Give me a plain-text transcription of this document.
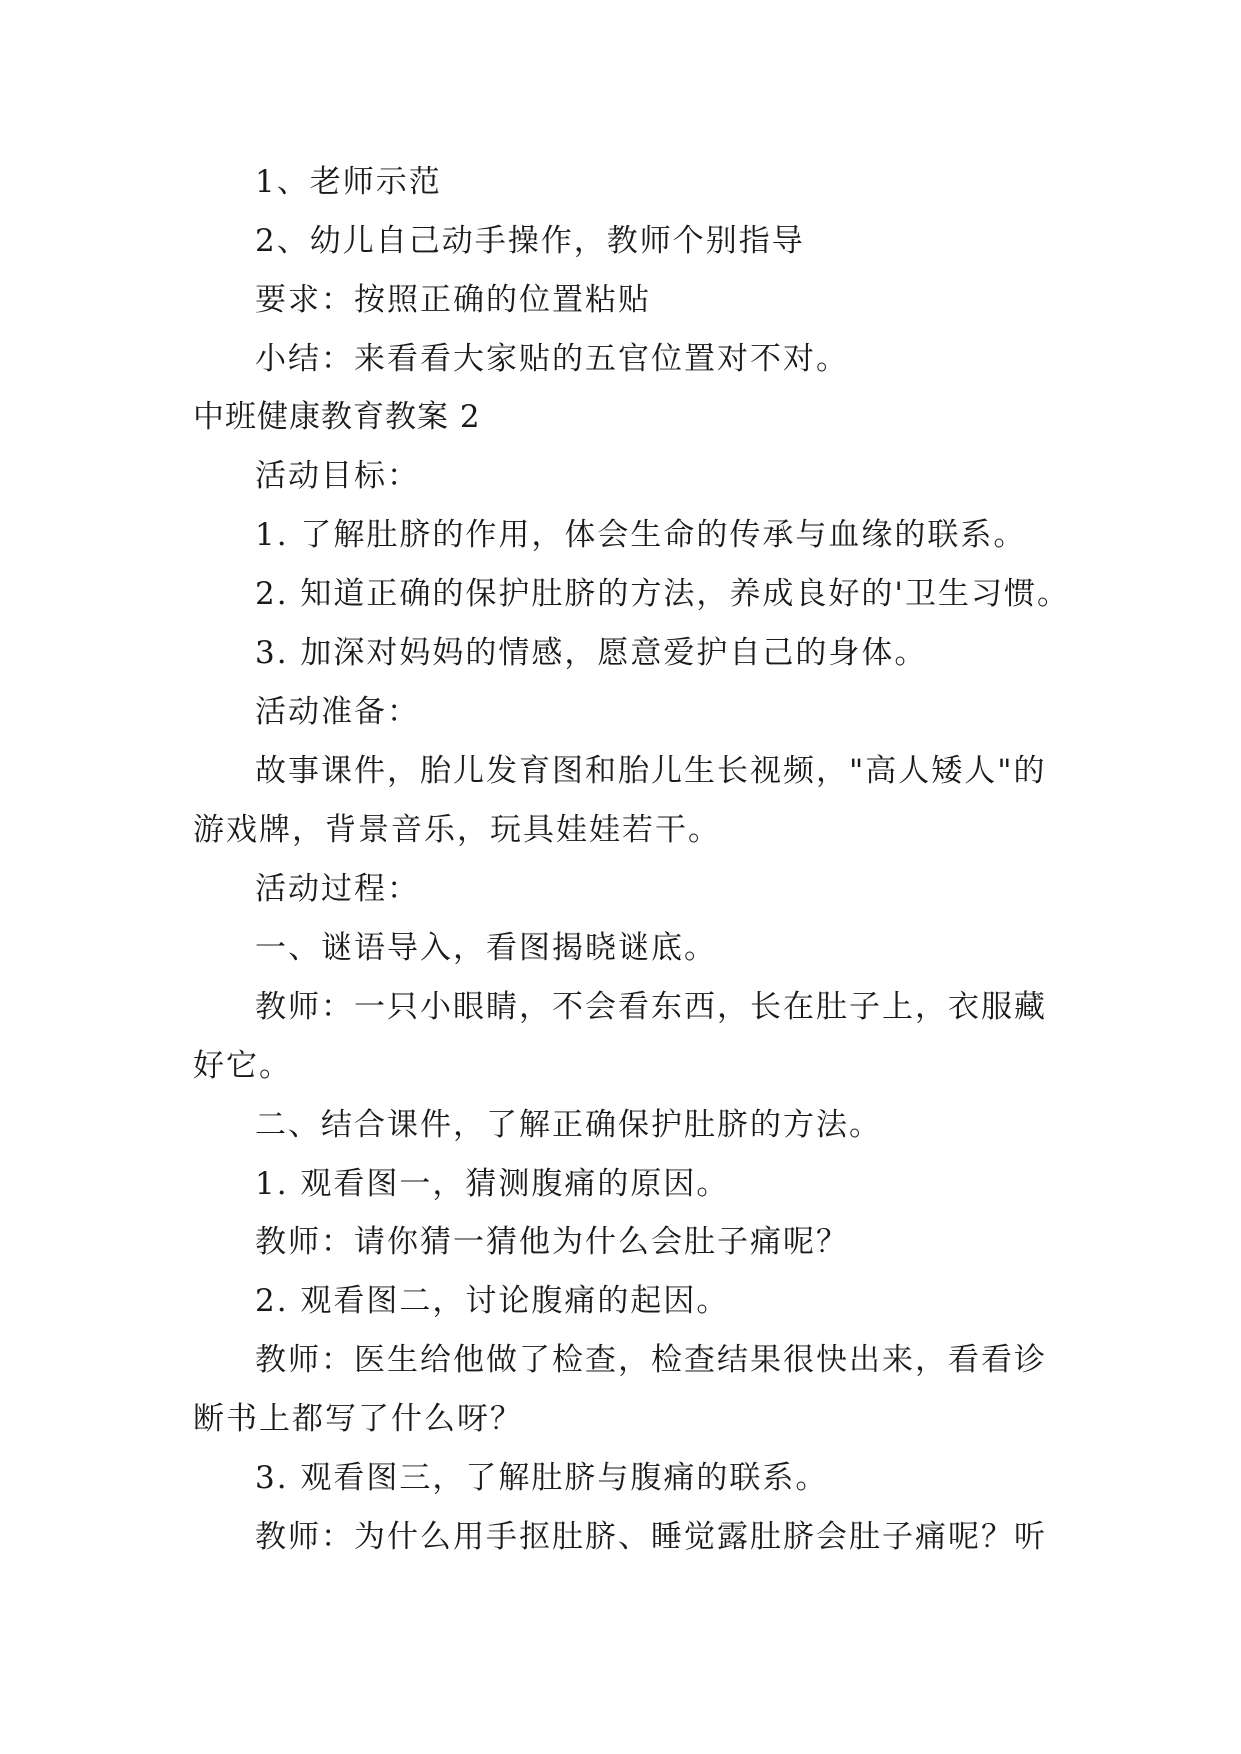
1、老师示范
2、幼儿自己动手操作，教师个别指导
要求：按照正确的位置粘贴
小结：来看看大家贴的五官位置对不对。
中班健康教育教案 2
活动目标：
1. 了解肚脐的作用，体会生命的传承与血缘的联系。
2. 知道正确的保护肚脐的方法，养成良好的'卫生习惯。
3. 加深对妈妈的情感，愿意爱护自己的身体。
活动准备：
故事课件，胎儿发育图和胎儿生长视频，"高人矮人"的
游戏牌，背景音乐，玩具娃娃若干。
活动过程：
一、谜语导入，看图揭晓谜底。
教师：一只小眼睛，不会看东西，长在肚子上，衣服藏
好它。
二、结合课件，了解正确保护肚脐的方法。
1. 观看图一，猜测腹痛的原因。
教师：请你猜一猜他为什么会肚子痛呢？
2. 观看图二，讨论腹痛的起因。
教师：医生给他做了检查，检查结果很快出来，看看诊
断书上都写了什么呀？
3. 观看图三，了解肚脐与腹痛的联系。
教师：为什么用手抠肚脐、睡觉露肚脐会肚子痛呢？听
